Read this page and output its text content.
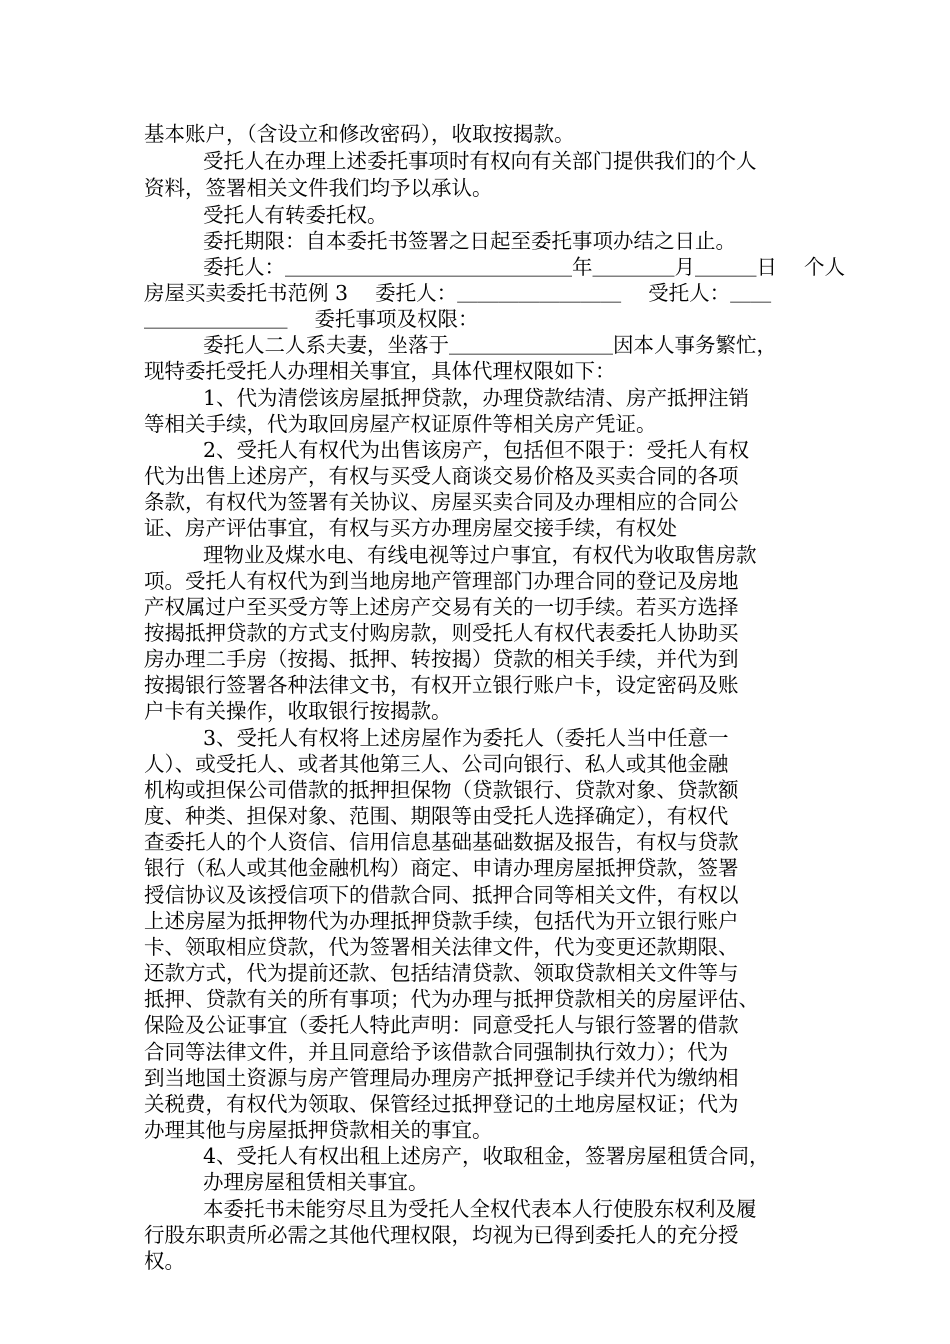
基本账户，（含设立和修改密码），收取按揭款。

受托人在办理上述委托事项时有权向有关部门提供我们的个人

资料，签署相关文件我们均予以承认。

受托人有转委托权。

委托期限：自本委托书签署之日起至委托事项办结之日止。

委托人：＿＿＿＿＿＿＿＿＿＿＿＿＿＿年＿＿＿＿月＿＿＿日　 个人

房屋买卖委托书范例 3　 委托人：＿＿＿＿＿＿＿＿　 受托人：＿＿

＿＿＿＿＿＿＿　 委托事项及权限：

委托人二人系夫妻，坐落于＿＿＿＿＿＿＿＿因本人事务繁忙，

现特委托受托人办理相关事宜，具体代理权限如下：

1、代为清偿该房屋抵押贷款，办理贷款结清、房产抵押注销

等相关手续，代为取回房屋产权证原件等相关房产凭证。

2、受托人有权代为出售该房产，包括但不限于：受托人有权

代为出售上述房产，有权与买受人商谈交易价格及买卖合同的各项

条款，有权代为签署有关协议、房屋买卖合同及办理相应的合同公

证、房产评估事宜，有权与买方办理房屋交接手续，有权处

理物业及煤水电、有线电视等过户事宜，有权代为收取售房款

项。受托人有权代为到当地房地产管理部门办理合同的登记及房地

产权属过户至买受方等上述房产交易有关的一切手续。若买方选择

按揭抵押贷款的方式支付购房款，则受托人有权代表委托人协助买

房办理二手房（按揭、抵押、转按揭）贷款的相关手续，并代为到

按揭银行签署各种法律文书，有权开立银行账户卡，设定密码及账

户卡有关操作，收取银行按揭款。

3、受托人有权将上述房屋作为委托人（委托人当中任意一

人）、或受托人、或者其他第三人、公司向银行、私人或其他金融

机构或担保公司借款的抵押担保物（贷款银行、贷款对象、贷款额

度、种类、担保对象、范围、期限等由受托人选择确定），有权代

查委托人的个人资信、信用信息基础基础数据及报告，有权与贷款

银行（私人或其他金融机构）商定、申请办理房屋抵押贷款，签署

授信协议及该授信项下的借款合同、抵押合同等相关文件，有权以

上述房屋为抵押物代为办理抵押贷款手续，包括代为开立银行账户

卡、领取相应贷款，代为签署相关法律文件，代为变更还款期限、

还款方式，代为提前还款、包括结清贷款、领取贷款相关文件等与

抵押、贷款有关的所有事项；代为办理与抵押贷款相关的房屋评估、

保险及公证事宜（委托人特此声明：同意受托人与银行签署的借款

合同等法律文件，并且同意给予该借款合同强制执行效力）；代为

到当地国土资源与房产管理局办理房产抵押登记手续并代为缴纳相

关税费，有权代为领取、保管经过抵押登记的土地房屋权证；代为

办理其他与房屋抵押贷款相关的事宜。

4、受托人有权出租上述房产，收取租金，签署房屋租赁合同，

办理房屋租赁相关事宜。

本委托书未能穷尽且为受托人全权代表本人行使股东权利及履

行股东职责所必需之其他代理权限，均视为已得到委托人的充分授

权。
